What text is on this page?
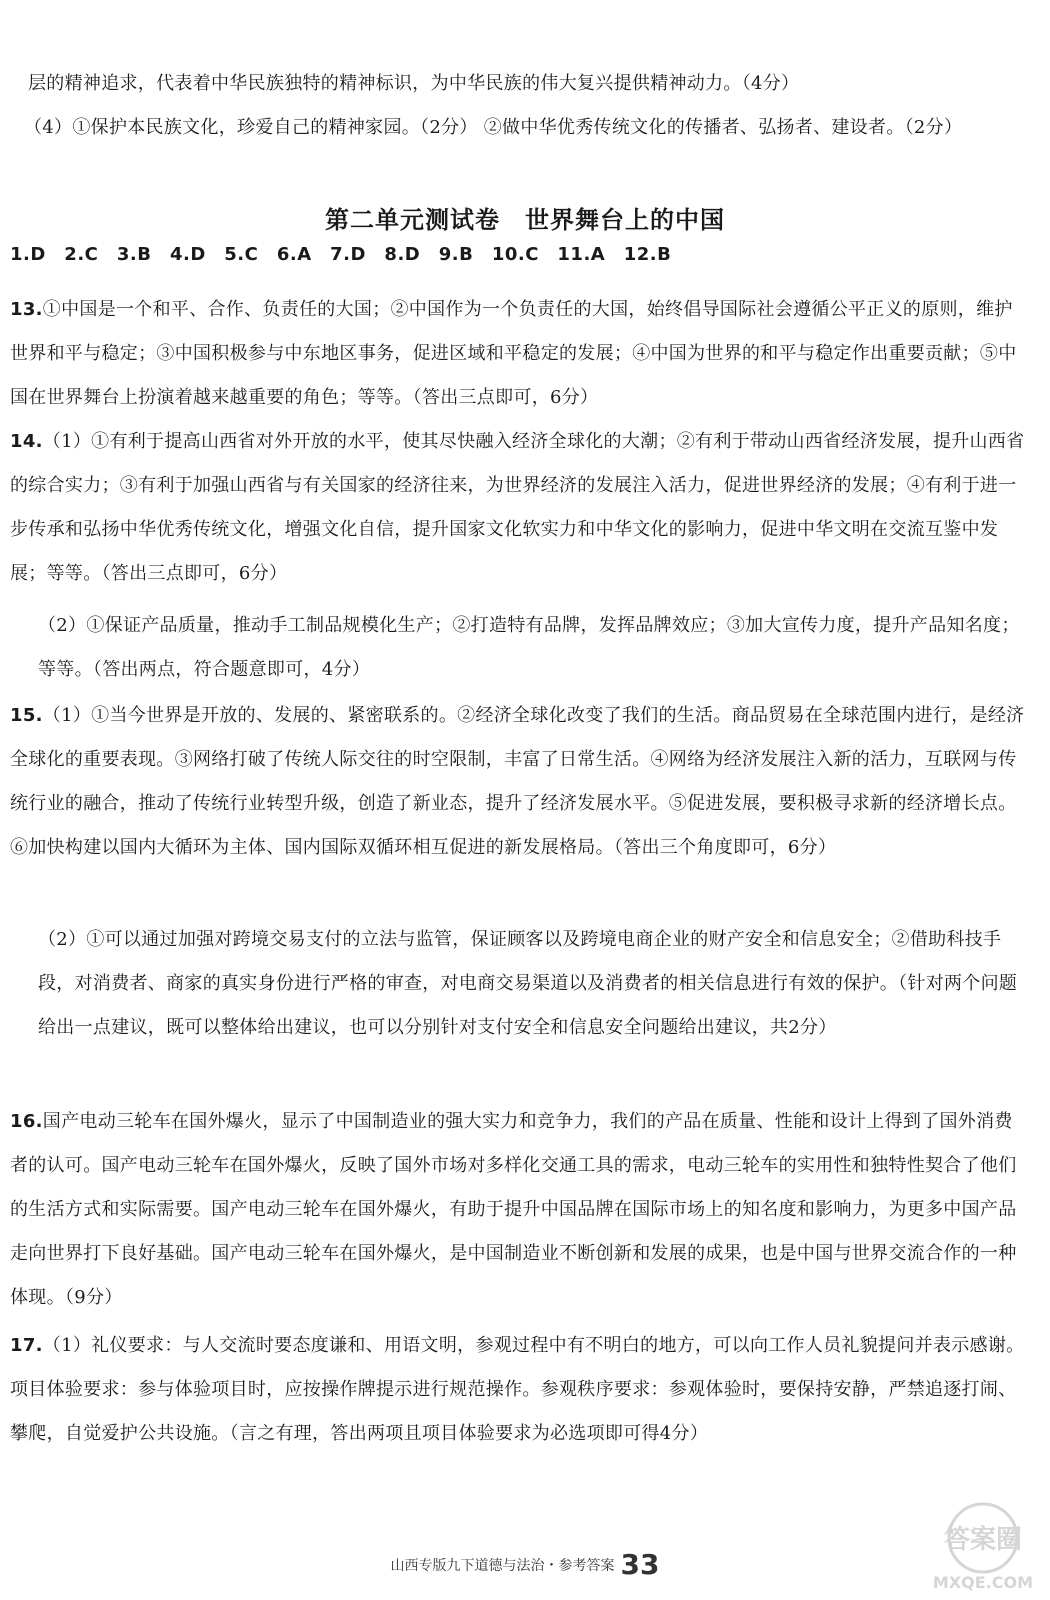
层的精神追求，代表着中华民族独特的精神标识，为中华民族的伟大复兴提供精神动力。（4分）
（4）①保护本民族文化，珍爱自己的精神家园。（2分） ②做中华优秀传统文化的传播者、弘扬者、建设者。（2分）
第二单元测试卷　世界舞台上的中国
1.D　2.C　3.B　4.D　5.C　6.A　7.D　8.D　9.B　10.C　11.A　12.B
13.①中国是一个和平、合作、负责任的大国；②中国作为一个负责任的大国，始终倡导国际社会遵循公平正义的原则，维护世界和平与稳定；③中国积极参与中东地区事务，促进区域和平稳定的发展；④中国为世界的和平与稳定作出重要贡献；⑤中国在世界舞台上扮演着越来越重要的角色；等等。（答出三点即可，6分）
14.（1）①有利于提高山西省对外开放的水平，使其尽快融入经济全球化的大潮；②有利于带动山西省经济发展，提升山西省的综合实力；③有利于加强山西省与有关国家的经济往来，为世界经济的发展注入活力，促进世界经济的发展；④有利于进一步传承和弘扬中华优秀传统文化，增强文化自信，提升国家文化软实力和中华文化的影响力，促进中华文明在交流互鉴中发展；等等。（答出三点即可，6分）
（2）①保证产品质量，推动手工制品规模化生产；②打造特有品牌，发挥品牌效应；③加大宣传力度，提升产品知名度；等等。（答出两点，符合题意即可，4分）
15.（1）①当今世界是开放的、发展的、紧密联系的。②经济全球化改变了我们的生活。商品贸易在全球范围内进行，是经济全球化的重要表现。③网络打破了传统人际交往的时空限制，丰富了日常生活。④网络为经济发展注入新的活力，互联网与传统行业的融合，推动了传统行业转型升级，创造了新业态，提升了经济发展水平。⑤促进发展，要积极寻求新的经济增长点。⑥加快构建以国内大循环为主体、国内国际双循环相互促进的新发展格局。（答出三个角度即可，6分）
（2）①可以通过加强对跨境交易支付的立法与监管，保证顾客以及跨境电商企业的财产安全和信息安全；②借助科技手段，对消费者、商家的真实身份进行严格的审查，对电商交易渠道以及消费者的相关信息进行有效的保护。（针对两个问题给出一点建议，既可以整体给出建议，也可以分别针对支付安全和信息安全问题给出建议，共2分）
16.国产电动三轮车在国外爆火，显示了中国制造业的强大实力和竞争力，我们的产品在质量、性能和设计上得到了国外消费者的认可。国产电动三轮车在国外爆火，反映了国外市场对多样化交通工具的需求，电动三轮车的实用性和独特性契合了他们的生活方式和实际需要。国产电动三轮车在国外爆火，有助于提升中国品牌在国际市场上的知名度和影响力，为更多中国产品走向世界打下良好基础。国产电动三轮车在国外爆火，是中国制造业不断创新和发展的成果，也是中国与世界交流合作的一种体现。（9分）
17.（1）礼仪要求：与人交流时要态度谦和、用语文明，参观过程中有不明白的地方，可以向工作人员礼貌提问并表示感谢。项目体验要求：参与体验项目时，应按操作牌提示进行规范操作。参观秩序要求：参观体验时，要保持安静，严禁追逐打闹、攀爬，自觉爱护公共设施。（言之有理，答出两项且项目体验要求为必选项即可得4分）
山西专版九下道德与法治・参考答案 33
答案圈
MXQE.COM
